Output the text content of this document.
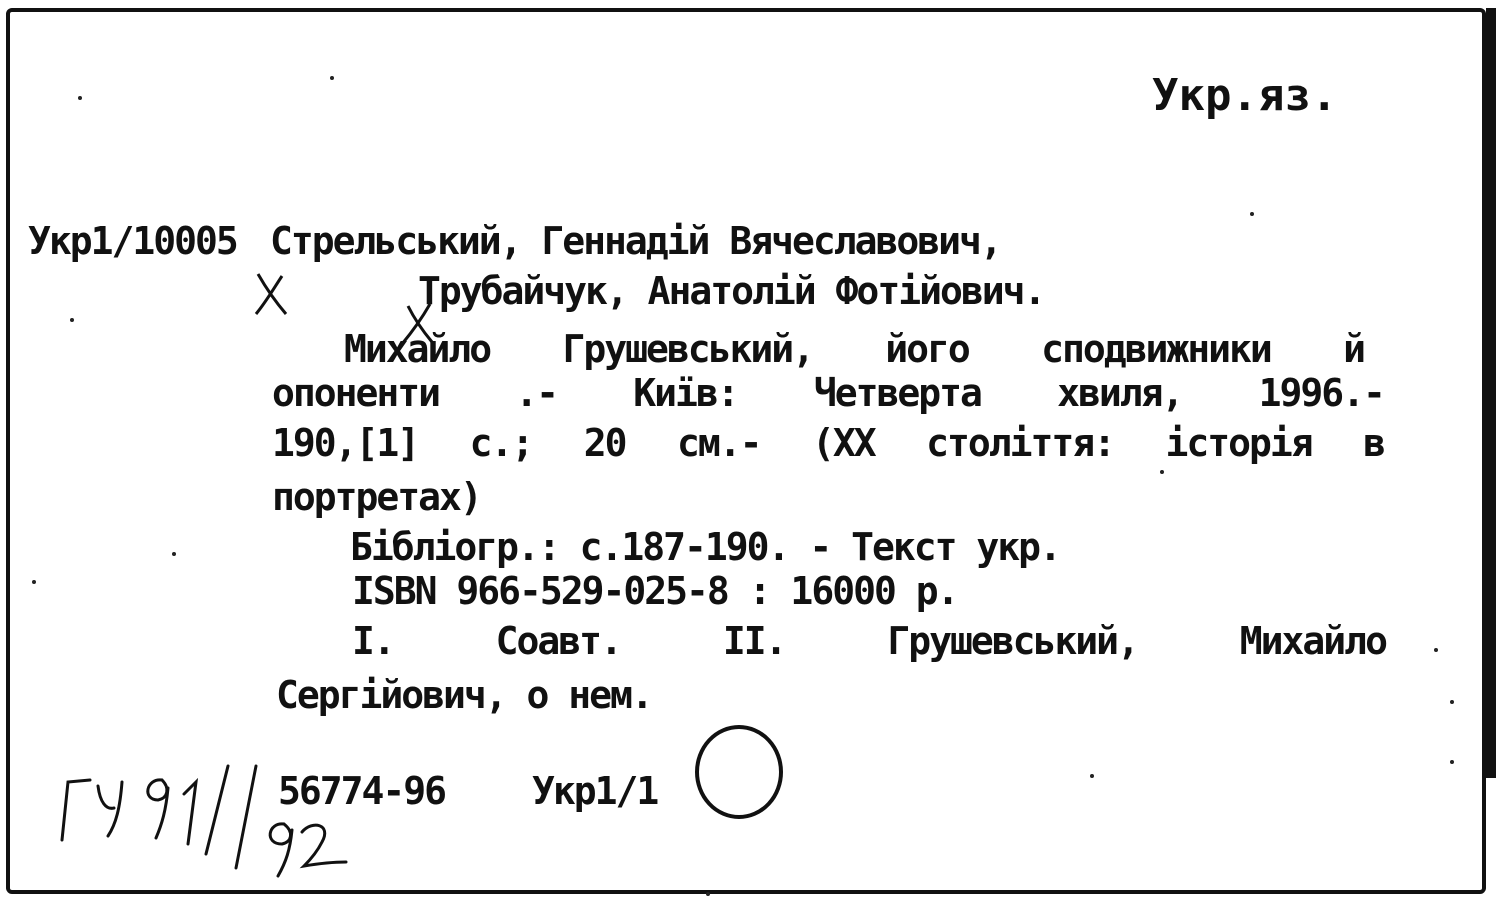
Укр.яз.
Укр1/10005 Стрельський, Геннадій Вячеславович,
Трубайчук, Анатолій Фотійович.
Михайло Грушевський, його сподвижники й
опоненти .- Київ: Четверта хвиля, 1996.-
190,[1] с.; 20 см.- (XX століття: історія в
портретах)
Бібліогр.: с.187-190. - Текст укр.
ISBN 966-529-025-8 : 16000 р.
I.	Соавт.	II.	Грушевський,	Михайло
Сергійович, о нем.
56774-96 Укр1/1
